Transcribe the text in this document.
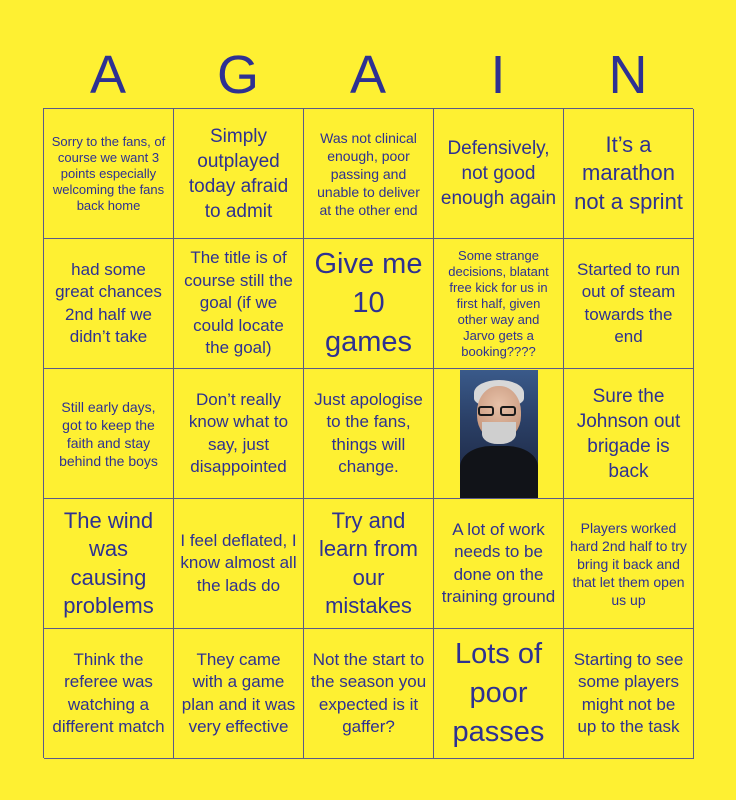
A	G	A	I	N
Sorry to the fans, of course we want 3 points especially welcoming the fans back home
Simply outplayed today afraid to admit
Was not clinical enough, poor passing and unable to deliver at the other end
Defensively, not good enough again
It’s a marathon not a sprint
had some great chances 2nd half we didn’t take
The title is of course still the goal (if we could locate the goal)
Give me 10 games
Some strange decisions, blatant free kick for us in first half, given other way and Jarvo gets a booking????
Started to run out of steam towards the end
Still early days, got to keep the faith and stay behind the boys
Don’t really know what to say, just disappointed
Just apologise to the fans, things will change.
Sure the Johnson out brigade is back
The wind was causing problems
I feel deflated, I know almost all the lads do
Try and learn from our mistakes
A lot of work needs to be done on the training ground
Players worked hard 2nd half to try bring it back and that let them open us up
Think the referee was watching a different match
They came with a game plan and it was very effective
Not the start to the season you expected is it gaffer?
Lots of poor passes
Starting to see some players might not be up to the task
